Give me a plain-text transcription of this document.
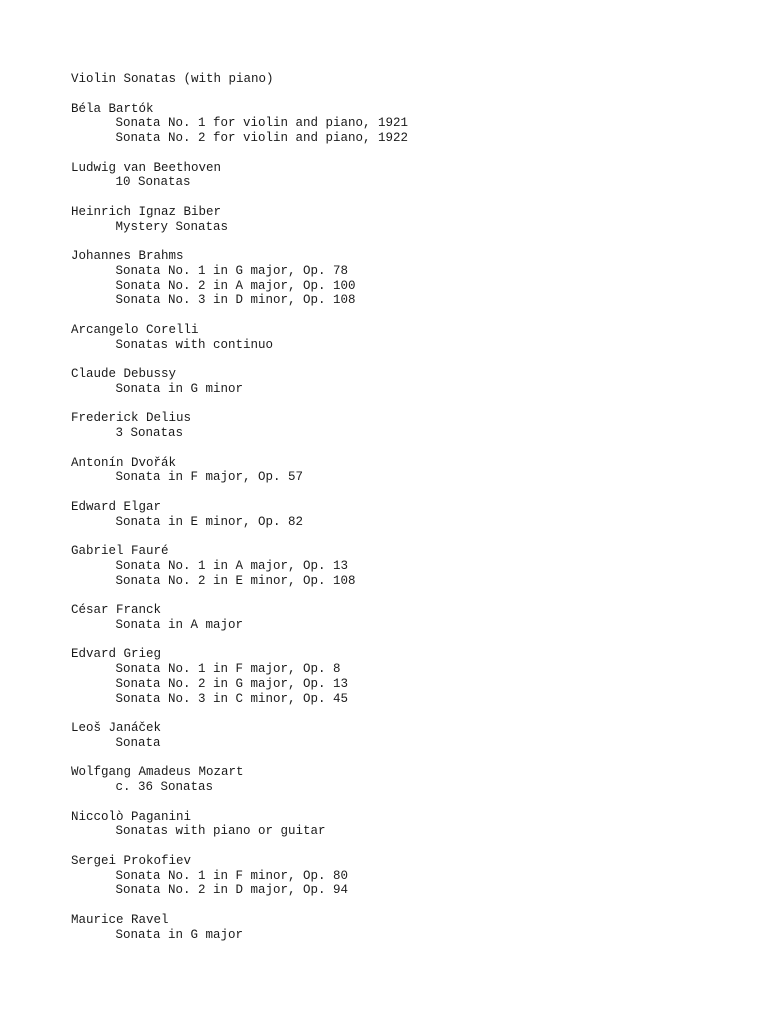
Violin Sonatas (with piano)
Béla Bartók
Sonata No. 1 for violin and piano, 1921
Sonata No. 2 for violin and piano, 1922
Ludwig van Beethoven
10 Sonatas
Heinrich Ignaz Biber
Mystery Sonatas
Johannes Brahms
Sonata No. 1 in G major, Op. 78
Sonata No. 2 in A major, Op. 100
Sonata No. 3 in D minor, Op. 108
Arcangelo Corelli
Sonatas with continuo
Claude Debussy
Sonata in G minor
Frederick Delius
3 Sonatas
Antonín Dvořák
Sonata in F major, Op. 57
Edward Elgar
Sonata in E minor, Op. 82
Gabriel Fauré
Sonata No. 1 in A major, Op. 13
Sonata No. 2 in E minor, Op. 108
César Franck
Sonata in A major
Edvard Grieg
Sonata No. 1 in F major, Op. 8
Sonata No. 2 in G major, Op. 13
Sonata No. 3 in C minor, Op. 45
Leoš Janáček
Sonata
Wolfgang Amadeus Mozart
c. 36 Sonatas
Niccolò Paganini
Sonatas with piano or guitar
Sergei Prokofiev
Sonata No. 1 in F minor, Op. 80
Sonata No. 2 in D major, Op. 94
Maurice Ravel
Sonata in G major
